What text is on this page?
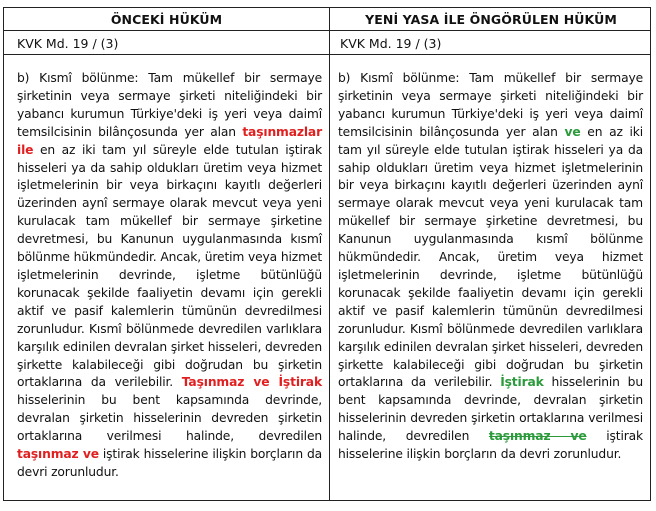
ÖNCEKİ HÜKÜM	YENİ YASA İLE ÖNGÖRÜLEN HÜKÜM
KVK Md. 19 / (3)	KVK Md. 19 / (3)
b) Kısmî bölünme: Tam mükellef bir sermaye şirketinin veya sermaye şirketi niteliğindeki bir yabancı kurumun Türkiye'deki iş yeri veya daimî temsilcisinin bilânçosunda yer alan taşınmazlar ile en az iki tam yıl süreyle elde tutulan iştirak hisseleri ya da sahip oldukları üretim veya hizmet işletmelerinin bir veya birkaçını kayıtlı değerleri üzerinden aynî sermaye olarak mevcut veya yeni kurulacak tam mükellef bir sermaye şirketine devretmesi, bu Kanunun uygulanmasında kısmî bölünme hükmündedir. Ancak, üretim veya hizmet işletmelerinin devrinde, işletme bütünlüğü korunacak şekilde faaliyetin devamı için gerekli aktif ve pasif kalemlerin tümünün devredilmesi zorunludur. Kısmî bölünmede devredilen varlıklara karşılık edinilen devralan şirket hisseleri, devreden şirkette kalabileceği gibi doğrudan bu şirketin ortaklarına da verilebilir. Taşınmaz ve İştirak hisselerinin bu bent kapsamında devrinde, devralan şirketin hisselerinin devreden şirketin ortaklarına verilmesi halinde, devredilen taşınmaz ve iştirak hisselerine ilişkin borçların da devri zorunludur.
b) Kısmî bölünme: Tam mükellef bir sermaye şirketinin veya sermaye şirketi niteliğindeki bir yabancı kurumun Türkiye'deki iş yeri veya daimî temsilcisinin bilânçosunda yer alan ve en az iki tam yıl süreyle elde tutulan iştirak hisseleri ya da sahip oldukları üretim veya hizmet işletmelerinin bir veya birkaçını kayıtlı değerleri üzerinden aynî sermaye olarak mevcut veya yeni kurulacak tam mükellef bir sermaye şirketine devretmesi, bu Kanunun uygulanmasında kısmî bölünme hükmündedir. Ancak, üretim veya hizmet işletmelerinin devrinde, işletme bütünlüğü korunacak şekilde faaliyetin devamı için gerekli aktif ve pasif kalemlerin tümünün devredilmesi zorunludur. Kısmî bölünmede devredilen varlıklara karşılık edinilen devralan şirket hisseleri, devreden şirkette kalabileceği gibi doğrudan bu şirketin ortaklarına da verilebilir. İştirak hisselerinin bu bent kapsamında devrinde, devralan şirketin hisselerinin devreden şirketin ortaklarına verilmesi halinde, devredilen taşınmaz ve iştirak hisselerine ilişkin borçların da devri zorunludur.
